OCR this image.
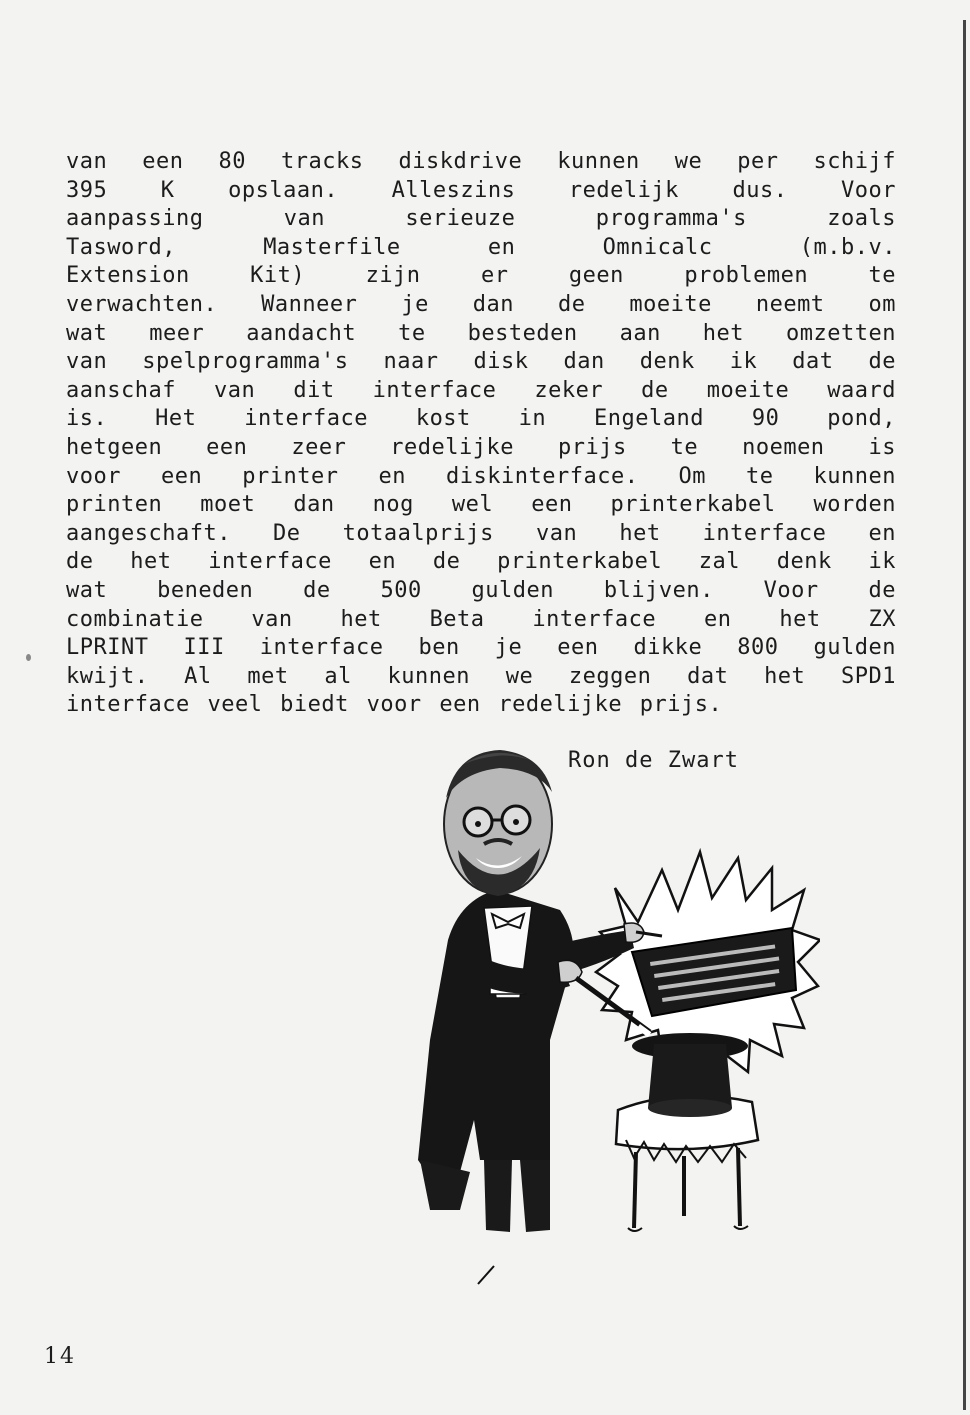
van een 80 tracks diskdrive kunnen we per schijf
395 K opslaan. Alleszins redelijk dus. Voor
aanpassing van serieuze programma's zoals
Tasword, Masterfile en Omnicalc (m.b.v.
Extension Kit) zijn er geen problemen te
verwachten. Wanneer je dan de moeite neemt om
wat meer aandacht te besteden aan het omzetten
van spelprogramma's naar disk dan denk ik dat de
aanschaf van dit interface zeker de moeite waard
is. Het interface kost in Engeland 90 pond,
hetgeen een zeer redelijke prijs te noemen is
voor een printer en diskinterface. Om te kunnen
printen moet dan nog wel een printerkabel worden
aangeschaft. De totaalprijs van het interface en
de het interface en de printerkabel zal denk ik
wat beneden de 500 gulden blijven. Voor de
combinatie van het Beta interface en het ZX
LPRINT III interface ben je een dikke 800 gulden
kwijt. Al met al kunnen we zeggen dat het SPD1
interface veel biedt voor een redelijke prijs.
Ron de Zwart
14
